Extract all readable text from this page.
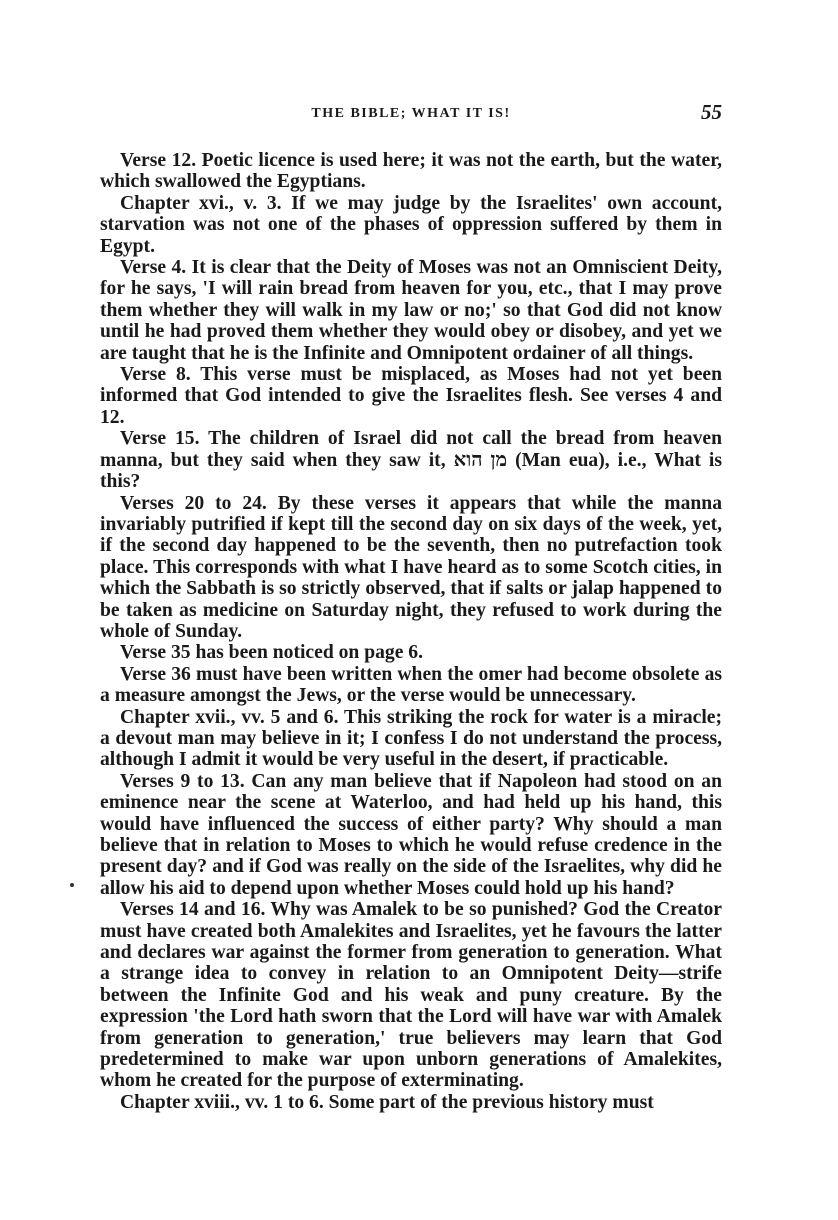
THE BIBLE; WHAT IT IS!	55

Verse 12. Poetic licence is used here; it was not the earth, but the water, which swallowed the Egyptians.

Chapter xvi., v. 3. If we may judge by the Israelites' own account, starvation was not one of the phases of oppression suffered by them in Egypt.

Verse 4. It is clear that the Deity of Moses was not an Omniscient Deity, for he says, 'I will rain bread from heaven for you, etc., that I may prove them whether they will walk in my law or no;' so that God did not know until he had proved them whether they would obey or disobey, and yet we are taught that he is the Infinite and Omnipotent ordainer of all things.

Verse 8. This verse must be misplaced, as Moses had not yet been informed that God intended to give the Israelites flesh. See verses 4 and 12.

Verse 15. The children of Israel did not call the bread from heaven manna, but they said when they saw it, מן הוא (Man eua), i.e., What is this?

Verses 20 to 24. By these verses it appears that while the manna invariably putrified if kept till the second day on six days of the week, yet, if the second day happened to be the seventh, then no putrefaction took place. This corresponds with what I have heard as to some Scotch cities, in which the Sabbath is so strictly observed, that if salts or jalap happened to be taken as medicine on Saturday night, they refused to work during the whole of Sunday.

Verse 35 has been noticed on page 6.

Verse 36 must have been written when the omer had become obsolete as a measure amongst the Jews, or the verse would be unnecessary.

Chapter xvii., vv. 5 and 6. This striking the rock for water is a miracle; a devout man may believe in it; I confess I do not understand the process, although I admit it would be very useful in the desert, if practicable.

Verses 9 to 13. Can any man believe that if Napoleon had stood on an eminence near the scene at Waterloo, and had held up his hand, this would have influenced the success of either party? Why should a man believe that in relation to Moses to which he would refuse credence in the present day? and if God was really on the side of the Israelites, why did he allow his aid to depend upon whether Moses could hold up his hand?

Verses 14 and 16. Why was Amalek to be so punished? God the Creator must have created both Amalekites and Israelites, yet he favours the latter and declares war against the former from generation to generation. What a strange idea to convey in relation to an Omnipotent Deity—strife between the Infinite God and his weak and puny creature. By the expression 'the Lord hath sworn that the Lord will have war with Amalek from generation to generation,' true believers may learn that God predetermined to make war upon unborn generations of Amalekites, whom he created for the purpose of exterminating.

Chapter xviii., vv. 1 to 6. Some part of the previous history must
